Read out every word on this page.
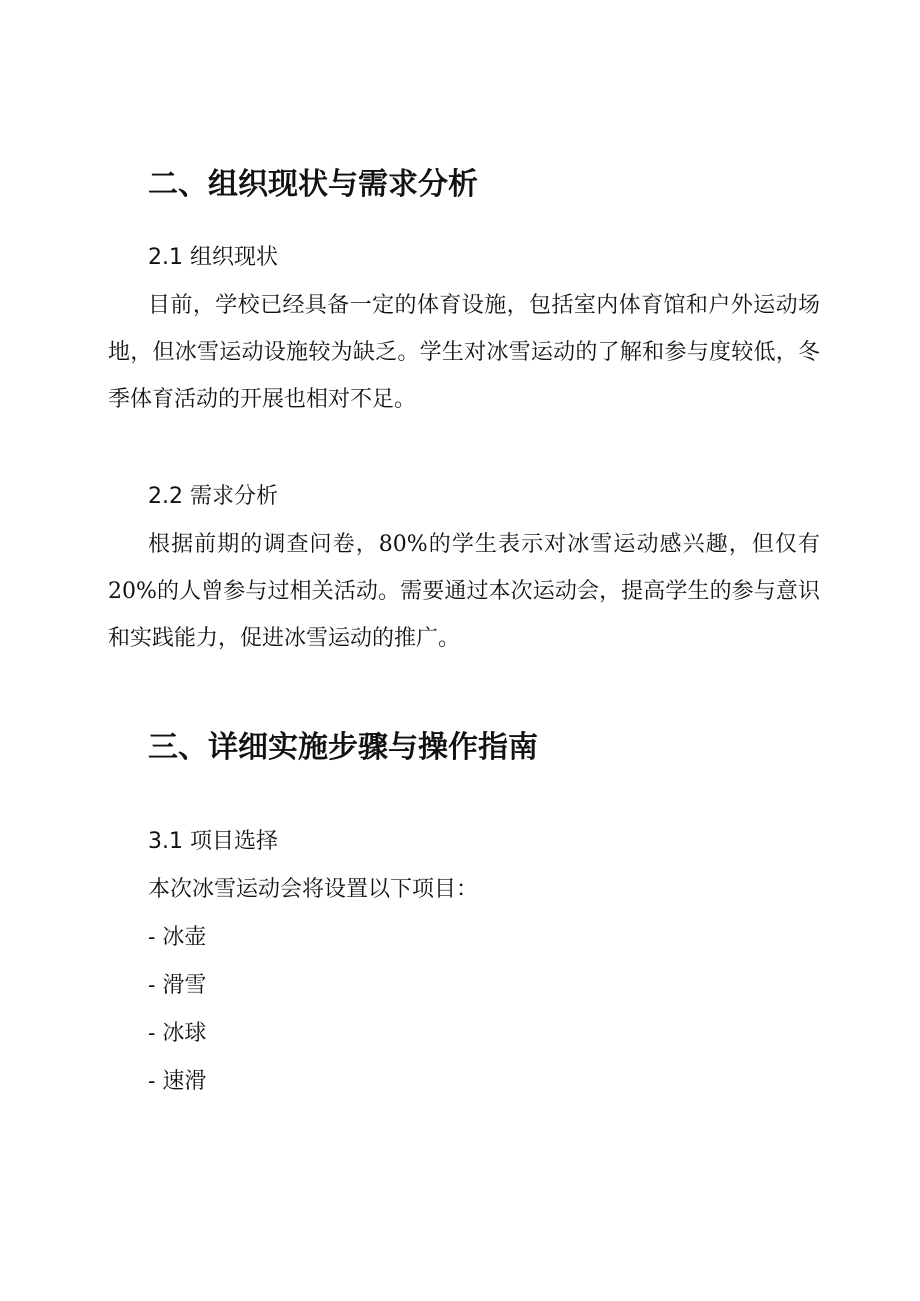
二、组织现状与需求分析
2.1 组织现状
目前，学校已经具备一定的体育设施，包括室内体育馆和户外运动场地，但冰雪运动设施较为缺乏。学生对冰雪运动的了解和参与度较低，冬季体育活动的开展也相对不足。
2.2 需求分析
根据前期的调查问卷，80%的学生表示对冰雪运动感兴趣，但仅有20%的人曾参与过相关活动。需要通过本次运动会，提高学生的参与意识和实践能力，促进冰雪运动的推广。
三、详细实施步骤与操作指南
3.1 项目选择
本次冰雪运动会将设置以下项目：
- 冰壶
- 滑雪
- 冰球
- 速滑
